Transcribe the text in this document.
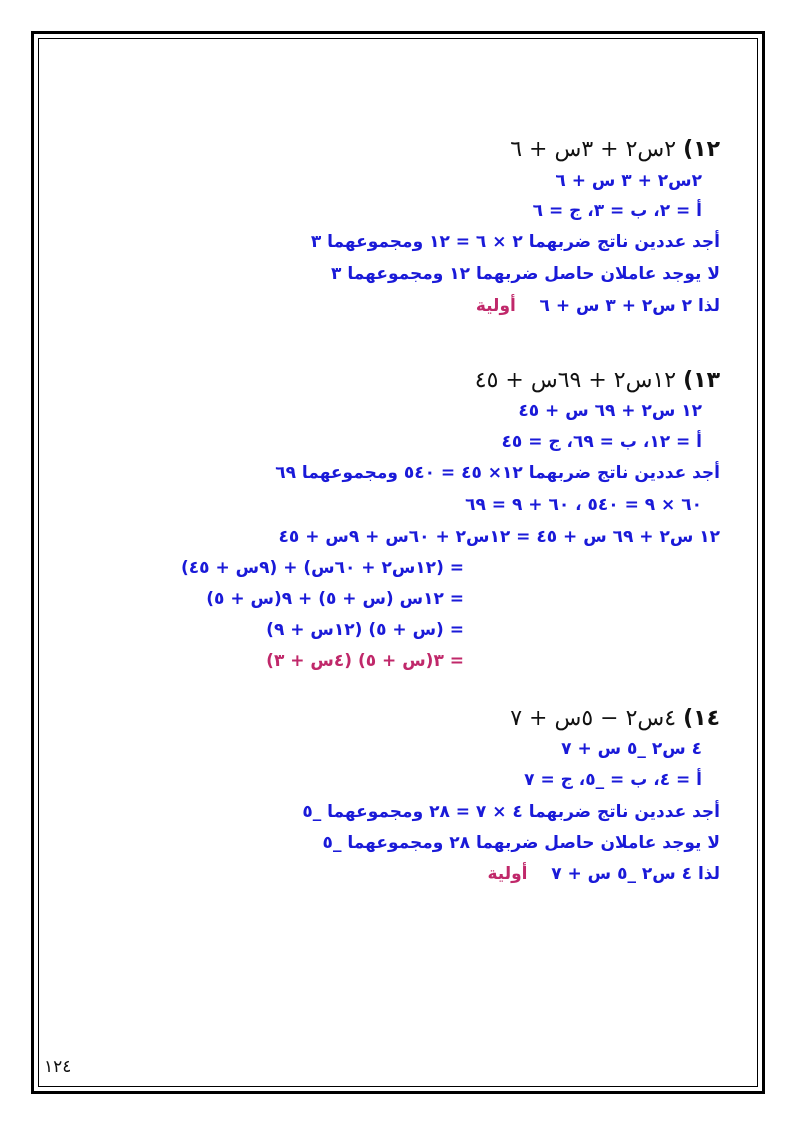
١٢) ٢س٢ + ٣س + ٦
٢س٢ + ٣ س + ٦
أ = ٢، ب = ٣، ج = ٦
أجد عددين ناتج ضربهما ٢ × ٦ = ١٢ ومجموعهما ٣
لا يوجد عاملان حاصل ضربهما ١٢ ومجموعهما ٣
لذا ٢ س٢ + ٣ س + ٦    أولية
١٣) ١٢س٢ + ٦٩س + ٤٥
١٢ س٢ + ٦٩ س + ٤٥
أ = ١٢، ب = ٦٩، ج = ٤٥
أجد عددين ناتج ضربهما ١٢× ٤٥ = ٥٤٠ ومجموعهما ٦٩
٦٠ × ٩ = ٥٤٠ ، ٦٠ + ٩ = ٦٩
١٢ س٢ + ٦٩ س + ٤٥ = ١٢س٢ + ٦٠س + ٩س + ٤٥
= (١٢س٢ + ٦٠س) + (٩س + ٤٥)
= ١٢س (س + ٥) + ٩(س + ٥)
= (س + ٥) (١٢س + ٩)
= ٣(س + ٥) (٤س + ٣)
١٤) ٤س٢ − ٥س + ٧
٤ س٢ _٥ س + ٧
أ = ٤، ب = _٥، ج = ٧
أجد عددين ناتج ضربهما ٤ × ٧ = ٢٨ ومجموعهما _٥
لا يوجد عاملان حاصل ضربهما ٢٨ ومجموعهما _٥
لذا ٤ س٢ _٥ س + ٧    أولية
١٢٤
